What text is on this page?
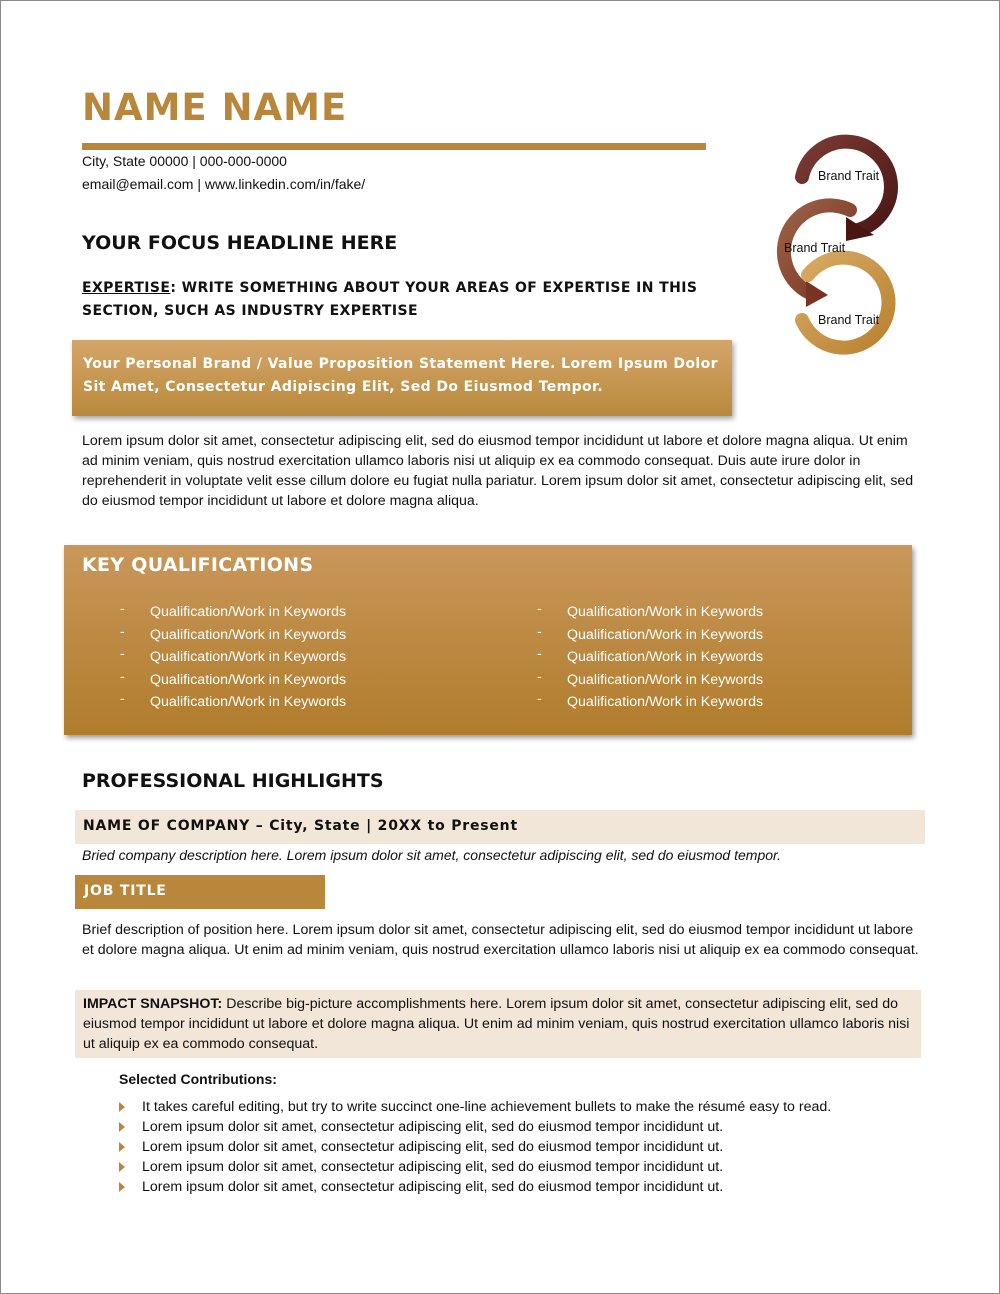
NAME NAME
City, State 00000 | 000-000-0000
email@email.com | www.linkedin.com/in/fake/	Brand Trait
Brand Trait
Brand Trait
YOUR FOCUS HEADLINE HERE
EXPERTISE: WRITE SOMETHING ABOUT YOUR AREAS OF EXPERTISE IN THIS SECTION, SUCH AS INDUSTRY EXPERTISE
Your Personal Brand / Value Proposition Statement Here. Lorem Ipsum Dolor Sit Amet, Consectetur Adipiscing Elit, Sed Do Eiusmod Tempor.
Lorem ipsum dolor sit amet, consectetur adipiscing elit, sed do eiusmod tempor incididunt ut labore et dolore magna aliqua. Ut enim ad minim veniam, quis nostrud exercitation ullamco laboris nisi ut aliquip ex ea commodo consequat. Duis aute irure dolor in reprehenderit in voluptate velit esse cillum dolore eu fugiat nulla pariatur. Lorem ipsum dolor sit amet, consectetur adipiscing elit, sed do eiusmod tempor incididunt ut labore et dolore magna aliqua.
KEY QUALIFICATIONS
- Qualification/Work in Keywords
- Qualification/Work in Keywords
- Qualification/Work in Keywords
- Qualification/Work in Keywords
- Qualification/Work in Keywords
- Qualification/Work in Keywords
- Qualification/Work in Keywords
- Qualification/Work in Keywords
- Qualification/Work in Keywords
- Qualification/Work in Keywords
PROFESSIONAL HIGHLIGHTS
NAME OF COMPANY – City, State | 20XX to Present
Bried company description here. Lorem ipsum dolor sit amet, consectetur adipiscing elit, sed do eiusmod tempor.
JOB TITLE
Brief description of position here. Lorem ipsum dolor sit amet, consectetur adipiscing elit, sed do eiusmod tempor incididunt ut labore et dolore magna aliqua. Ut enim ad minim veniam, quis nostrud exercitation ullamco laboris nisi ut aliquip ex ea commodo consequat.
IMPACT SNAPSHOT: Describe big-picture accomplishments here. Lorem ipsum dolor sit amet, consectetur adipiscing elit, sed do eiusmod tempor incididunt ut labore et dolore magna aliqua. Ut enim ad minim veniam, quis nostrud exercitation ullamco laboris nisi ut aliquip ex ea commodo consequat.
Selected Contributions:
It takes careful editing, but try to write succinct one-line achievement bullets to make the résumé easy to read.
Lorem ipsum dolor sit amet, consectetur adipiscing elit, sed do eiusmod tempor incididunt ut.
Lorem ipsum dolor sit amet, consectetur adipiscing elit, sed do eiusmod tempor incididunt ut.
Lorem ipsum dolor sit amet, consectetur adipiscing elit, sed do eiusmod tempor incididunt ut.
Lorem ipsum dolor sit amet, consectetur adipiscing elit, sed do eiusmod tempor incididunt ut.
